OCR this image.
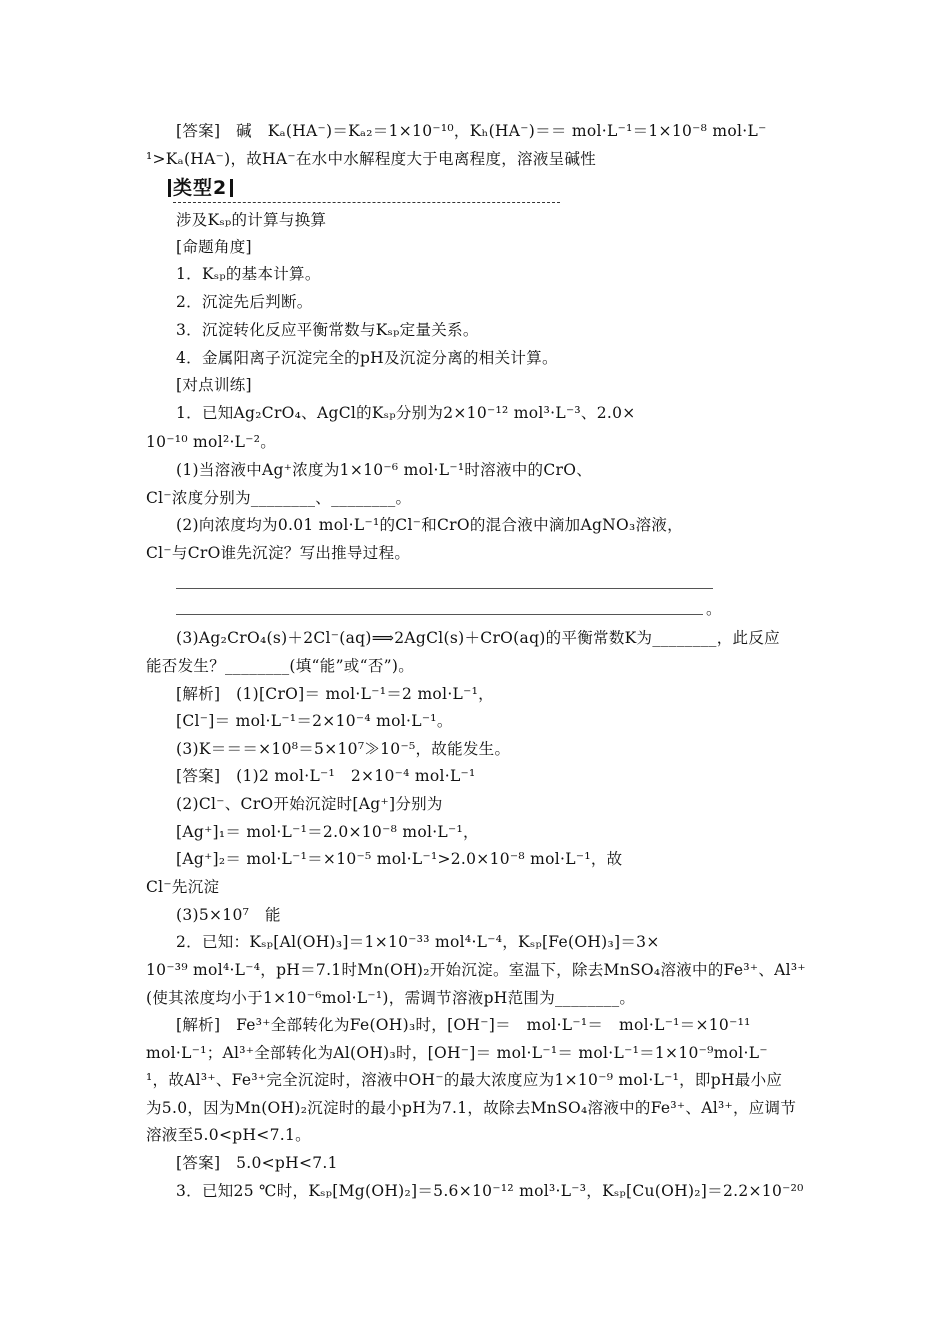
[答案]　碱　Kₐ(HA⁻)＝Kₐ₂＝1×10⁻¹⁰，Kₕ(HA⁻)＝＝ mol·L⁻¹＝1×10⁻⁸ mol·L⁻
¹>Kₐ(HA⁻)，故HA⁻在水中水解程度大于电离程度，溶液呈碱性
类型2
涉及Kₛₚ的计算与换算
[命题角度]
1．Kₛₚ的基本计算。
2．沉淀先后判断。
3．沉淀转化反应平衡常数与Kₛₚ定量关系。
4．金属阳离子沉淀完全的pH及沉淀分离的相关计算。
[对点训练]
1．已知Ag₂CrO₄、AgCl的Kₛₚ分别为2×10⁻¹² mol³·L⁻³、2.0×
10⁻¹⁰ mol²·L⁻²。
(1)当溶液中Ag⁺浓度为1×10⁻⁶ mol·L⁻¹时溶液中的CrO、
Cl⁻浓度分别为________、________。
(2)向浓度均为0.01 mol·L⁻¹的Cl⁻和CrO的混合液中滴加AgNO₃溶液，
Cl⁻与CrO谁先沉淀？写出推导过程。
。
(3)Ag₂CrO₄(s)＋2Cl⁻(aq)⟹2AgCl(s)＋CrO(aq)的平衡常数K为________，此反应
能否发生？________(填“能”或“否”)。
[解析]　(1)[CrO]＝ mol·L⁻¹＝2 mol·L⁻¹，
[Cl⁻]＝ mol·L⁻¹＝2×10⁻⁴ mol·L⁻¹。
(3)K＝＝＝×10⁸＝5×10⁷≫10⁻⁵，故能发生。
[答案]　(1)2 mol·L⁻¹　2×10⁻⁴ mol·L⁻¹
(2)Cl⁻、CrO开始沉淀时[Ag⁺]分别为
[Ag⁺]₁＝ mol·L⁻¹＝2.0×10⁻⁸ mol·L⁻¹，
[Ag⁺]₂＝ mol·L⁻¹＝×10⁻⁵ mol·L⁻¹>2.0×10⁻⁸ mol·L⁻¹，故
Cl⁻先沉淀
(3)5×10⁷　能
2．已知：Kₛₚ[Al(OH)₃]＝1×10⁻³³ mol⁴·L⁻⁴，Kₛₚ[Fe(OH)₃]＝3×
10⁻³⁹ mol⁴·L⁻⁴，pH＝7.1时Mn(OH)₂开始沉淀。室温下，除去MnSO₄溶液中的Fe³⁺、Al³⁺
(使其浓度均小于1×10⁻⁶mol·L⁻¹)，需调节溶液pH范围为________。
[解析]　Fe³⁺全部转化为Fe(OH)₃时，[OH⁻]＝　mol·L⁻¹＝　mol·L⁻¹＝×10⁻¹¹
mol·L⁻¹；Al³⁺全部转化为Al(OH)₃时，[OH⁻]＝ mol·L⁻¹＝ mol·L⁻¹＝1×10⁻⁹mol·L⁻
¹，故Al³⁺、Fe³⁺完全沉淀时，溶液中OH⁻的最大浓度应为1×10⁻⁹ mol·L⁻¹，即pH最小应
为5.0，因为Mn(OH)₂沉淀时的最小pH为7.1，故除去MnSO₄溶液中的Fe³⁺、Al³⁺，应调节
溶液至5.0<pH<7.1。
[答案]　5.0<pH<7.1
3．已知25 ℃时，Kₛₚ[Mg(OH)₂]＝5.6×10⁻¹² mol³·L⁻³，Kₛₚ[Cu(OH)₂]＝2.2×10⁻²⁰
